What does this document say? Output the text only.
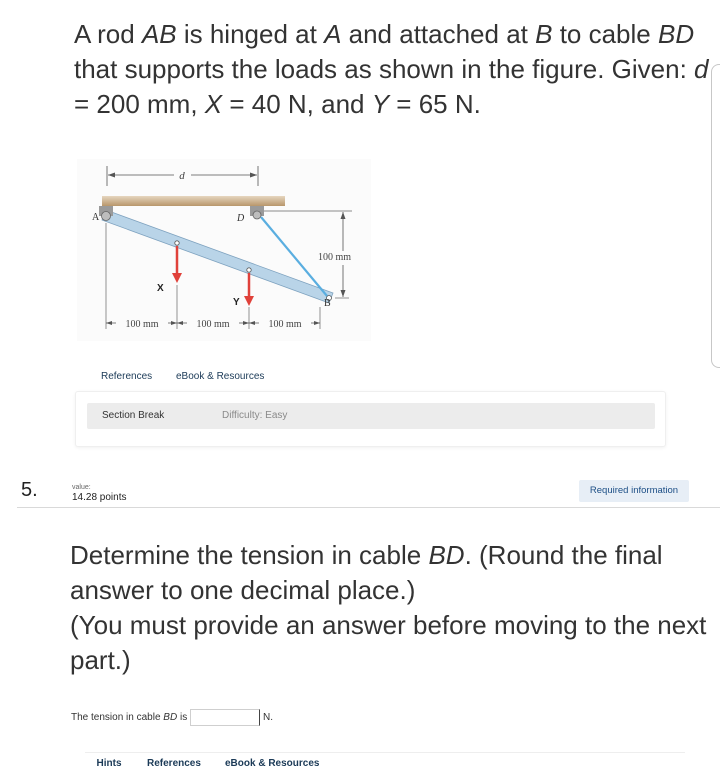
A rod AB is hinged at A and attached at B to cable BD that supports the loads as shown in the figure. Given: d = 200 mm, X = 40 N, and Y = 65 N.

d
A	D
B
X
Y
100 mm
100 mm	100 mm	100 mm
References eBook & Resources
Section Break	Difficulty: Easy
5.	value:
14.28 points
Required information

Determine the tension in cable BD. (Round the final answer to one decimal place.)
(You must provide an answer before moving to the next part.)

The tension in cable BD is	N.
Hints	References eBook & Resources
